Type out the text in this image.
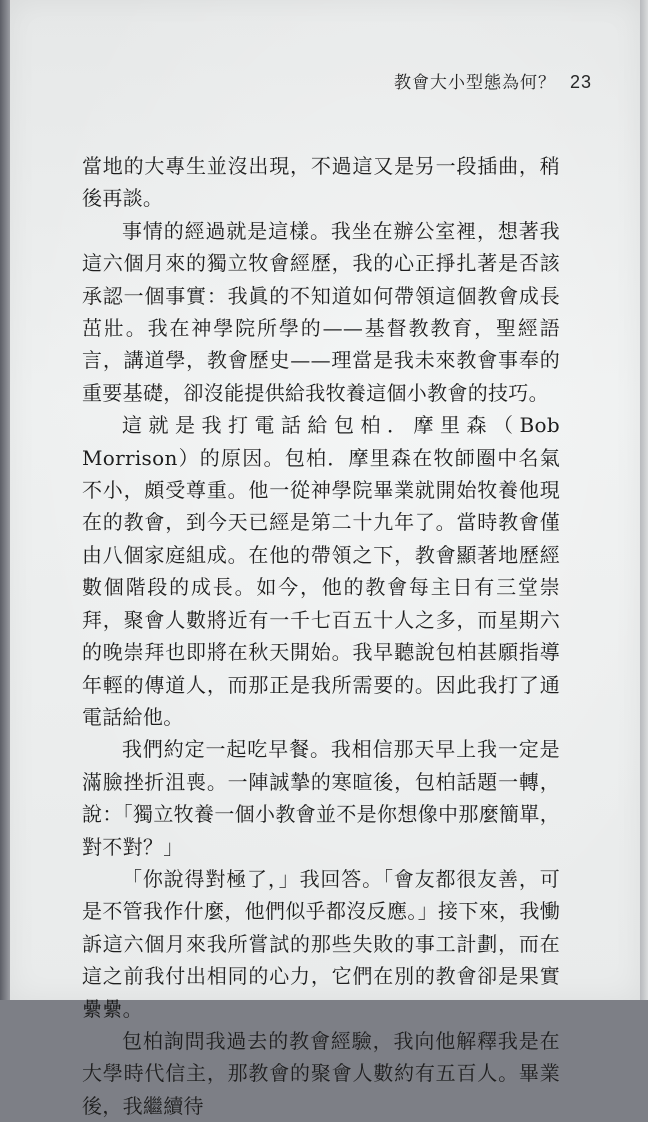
教會大小型態為何？ 23

當地的大專生並沒出現，不過這又是另一段插曲，稍後再談。

事情的經過就是這樣。我坐在辦公室裡，想著我這六個月來的獨立牧會經歷，我的心正掙扎著是否該承認一個事實：我眞的不知道如何帶領這個教會成長茁壯。我在神學院所學的——基督教教育，聖經語言，講道學，教會歷史——理當是我未來教會事奉的重要基礎，卻沒能提供給我牧養這個小教會的技巧。

這就是我打電話給包柏．摩里森（Bob Morrison）的原因。包柏．摩里森在牧師圈中名氣不小，頗受尊重。他一從神學院畢業就開始牧養他現在的教會，到今天已經是第二十九年了。當時教會僅由八個家庭組成。在他的帶領之下，教會顯著地歷經數個階段的成長。如今，他的教會每主日有三堂崇拜，聚會人數將近有一千七百五十人之多，而星期六的晚崇拜也即將在秋天開始。我早聽說包柏甚願指導年輕的傳道人，而那正是我所需要的。因此我打了通電話給他。

我們約定一起吃早餐。我相信那天早上我一定是滿臉挫折沮喪。一陣誠摯的寒暄後，包柏話題一轉，說：「獨立牧養一個小教會並不是你想像中那麼簡單，對不對？」

「你說得對極了，」我回答。「會友都很友善，可是不管我作什麼，他們似乎都沒反應。」接下來，我慟訴這六個月來我所嘗試的那些失敗的事工計劃，而在這之前我付出相同的心力，它們在別的教會卻是果實纍纍。

包柏詢問我過去的教會經驗，我向他解釋我是在大學時代信主，那教會的聚會人數約有五百人。畢業後，我繼續待
